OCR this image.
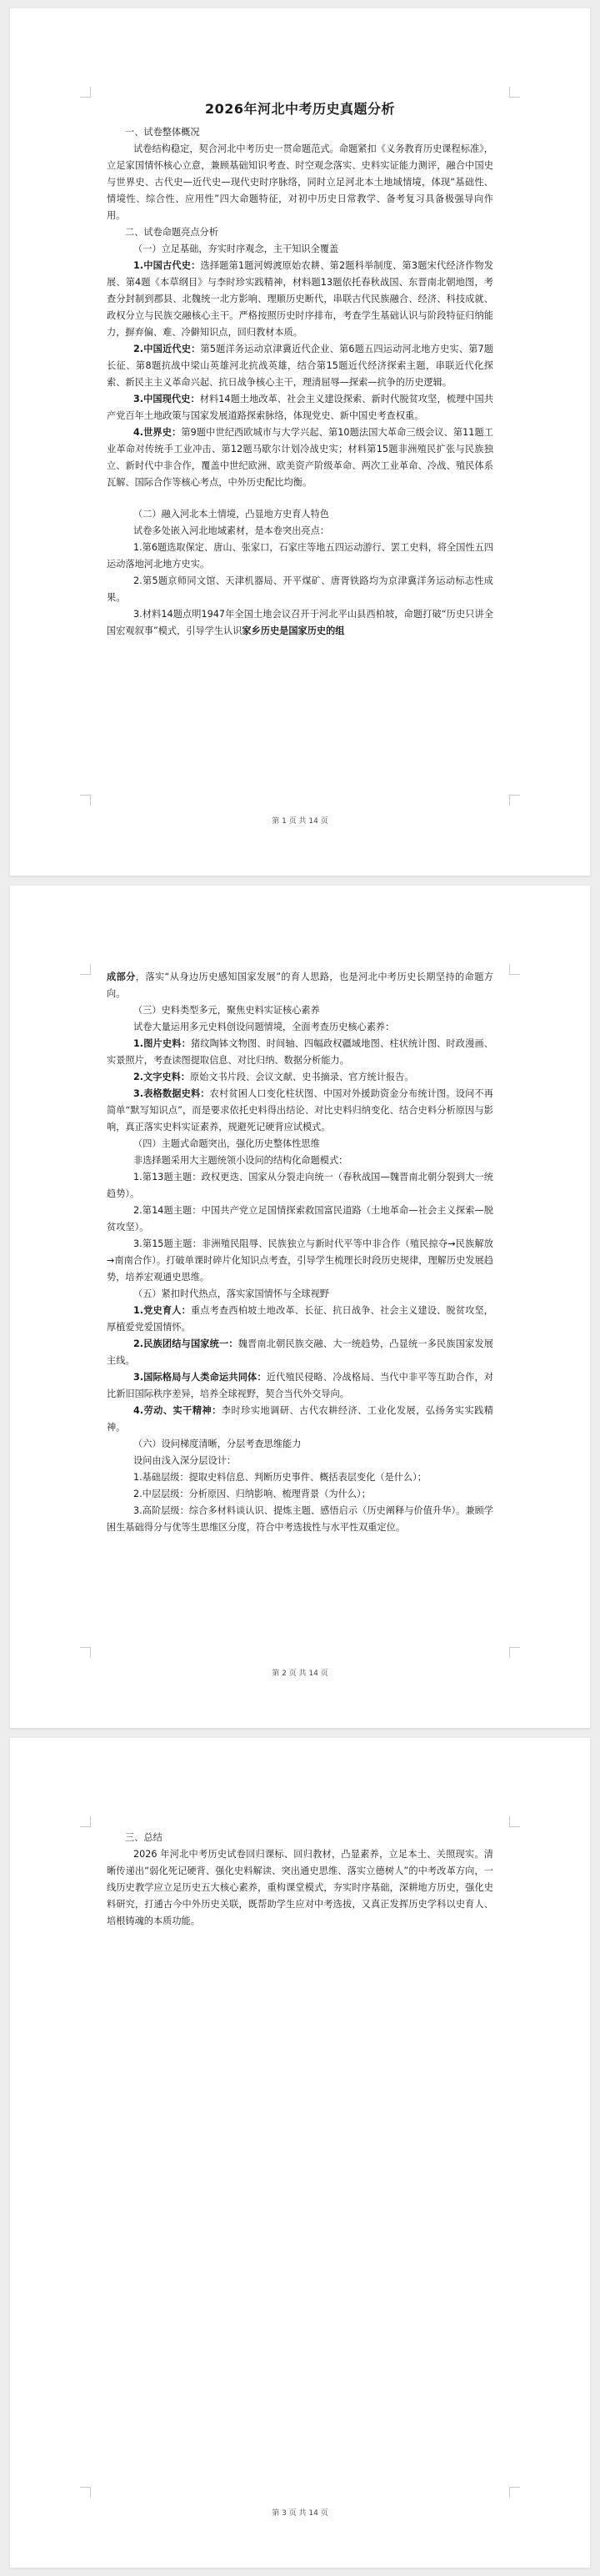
2026年河北中考历史真题分析

一、试卷整体概况

试卷结构稳定，契合河北中考历史一贯命题范式。命题紧扣《义务教育历史课程标准》，立足家国情怀核心立意，兼顾基础知识考查、时空观念落实、史料实证能力测评，融合中国史与世界史、古代史—近代史—现代史时序脉络，同时立足河北本土地域情境，体现“基础性、情境性、综合性、应用性”四大命题特征，对初中历史日常教学、备考复习具备极强导向作用。

二、试卷命题亮点分析

（一）立足基础，夯实时序观念，主干知识全覆盖

1.中国古代史：选择题第1题河姆渡原始农耕、第2题科举制度、第3题宋代经济作物发展、第4题《本草纲目》与李时珍实践精神，材料题13题依托春秋战国、东晋南北朝地图，考查分封制到郡县、北魏统一北方影响、理顺历史断代，串联古代民族融合、经济、科技成就、政权分立与民族交融核心主干。严格按照历史时序排布，考查学生基础认识与阶段特征归纳能力，摒弃偏、难、冷僻知识点，回归教材本质。

2.中国近代史：第5题洋务运动京津冀近代企业、第6题五四运动河北地方史实、第7题长征、第8题抗战中梁山英雄河北抗战英雄，结合第15题近代经济探索主题，串联近代化探索、新民主主义革命兴起、抗日战争核心主干，理清屈辱—探索—抗争的历史逻辑。

3.中国现代史：材料14题土地改革、社会主义建设探索、新时代脱贫攻坚，梳理中国共产党百年土地政策与国家发展道路探索脉络，体现党史、新中国史考查权重。

4.世界史：第9题中世纪西欧城市与大学兴起、第10题法国大革命三级会议、第11题工业革命对传统手工业冲击、第12题马歇尔计划冷战史实；材料第15题非洲殖民扩张与民族独立、新时代中非合作，覆盖中世纪欧洲、欧美资产阶级革命、两次工业革命、冷战、殖民体系瓦解、国际合作等核心考点，中外历史配比均衡。

（二）融入河北本土情境，凸显地方史育人特色

试卷多处嵌入河北地域素材，是本卷突出亮点：

1.第6题选取保定、唐山、张家口，石家庄等地五四运动游行、罢工史料，将全国性五四运动落地河北地方史实。

2.第5题京师同文馆、天津机器局、开平煤矿、唐胥铁路均为京津冀洋务运动标志性成果。

3.材料14题点明1947年全国土地会议召开于河北平山县西柏坡，命题打破“历史只讲全国宏观叙事”模式，引导学生认识家乡历史是国家历史的组

第 1 页 共 14 页

成部分，落实“从身边历史感知国家发展”的育人思路，也是河北中考历史长期坚持的命题方向。

（三）史料类型多元，聚焦史料实证核心素养

试卷大量运用多元史料创设问题情境，全面考查历史核心素养：

1.图片史料：猪纹陶钵文物图、时间轴、四幅政权疆域地图、柱状统计图、时政漫画、实景照片，考查读图提取信息、对比归纳、数据分析能力。

2.文字史料：原始文书片段、会议文献、史书摘录、官方统计报告。

3.表格数据史料：农村贫困人口变化柱状图、中国对外援助资金分布统计图。设问不再简单“默写知识点”，而是要求依托史料得出结论、对比史料归纳变化、结合史料分析原因与影响，真正落实史料实证素养，规避死记硬背应试模式。

（四）主题式命题突出，强化历史整体性思维

非选择题采用大主题统领小设问的结构化命题模式：

1.第13题主题：政权更迭、国家从分裂走向统一（春秋战国—魏晋南北朝分裂到大一统趋势）。

2.第14题主题：中国共产党立足国情探索救国富民道路（土地革命—社会主义探索—脱贫攻坚）。

3.第15题主题：非洲殖民阻辱、民族独立与新时代平等中非合作（殖民掠夺→民族解放→南南合作）。打破单课时碎片化知识点考查，引导学生梳理长时段历史规律，理解历史发展趋势，培养宏观通史思维。

（五）紧扣时代热点，落实家国情怀与全球视野

1.党史育人：重点考查西柏坡土地改革、长征、抗日战争、社会主义建设、脱贫攻坚，厚植爱党爱国情怀。

2.民族团结与国家统一：魏晋南北朝民族交融、大一统趋势，凸显统一多民族国家发展主线。

3.国际格局与人类命运共同体：近代殖民侵略、冷战格局、当代中非平等互助合作，对比新旧国际秩序差异，培养全球视野，契合当代外交导向。

4.劳动、实干精神：李时珍实地调研、古代农耕经济、工业化发展，弘扬务实实践精神。

（六）设问梯度清晰，分层考查思维能力

设问由浅入深分层设计：

1.基础层级：提取史料信息、判断历史事件、概括表层变化（是什么）；

2.中层层级：分析原因、归纳影响、梳理背景（为什么）；

3.高阶层级：综合多材料谈认识、提炼主题、感悟启示（历史阐释与价值升华）。兼顾学困生基础得分与优等生思维区分度，符合中考选拔性与水平性双重定位。

第 2 页 共 14 页

三、总结

2026 年河北中考历史试卷回归课标、回归教材，凸显素养，立足本土、关照现实。清晰传递出“弱化死记硬背、强化史料解读、突出通史思维、落实立德树人”的中考改革方向，一线历史教学应立足历史五大核心素养，重构课堂模式，夯实时序基础，深耕地方历史，强化史料研究，打通古今中外历史关联，既帮助学生应对中考选拔，又真正发挥历史学科以史育人、培根铸魂的本质功能。

第 3 页 共 14 页
